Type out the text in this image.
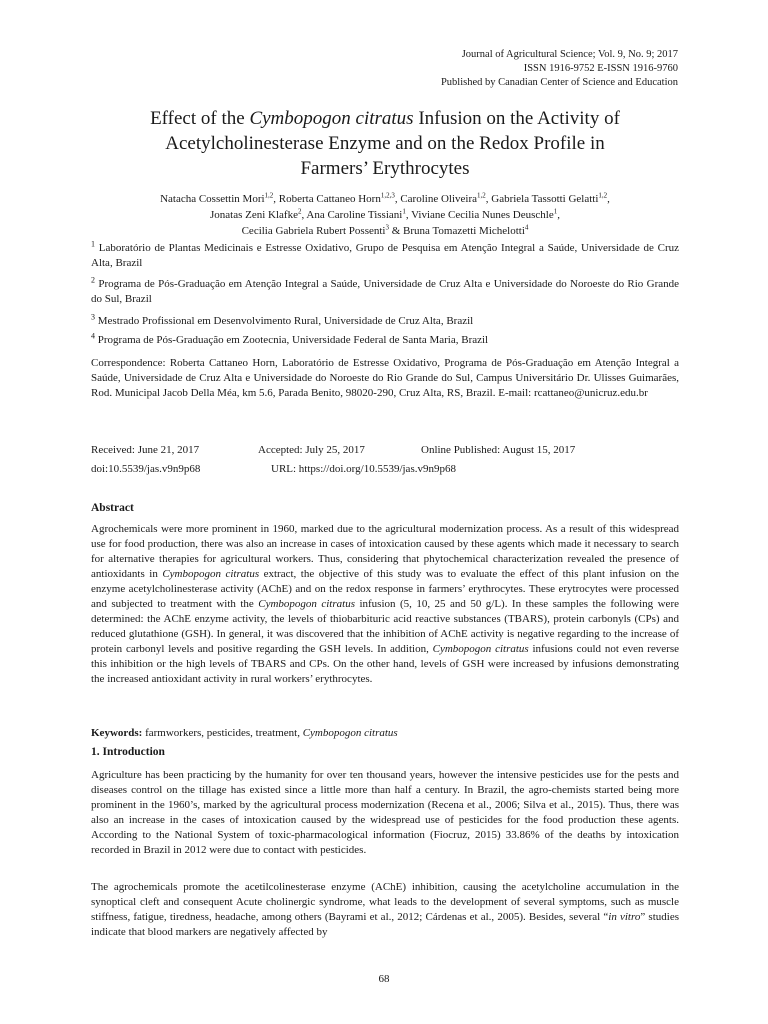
Journal of Agricultural Science; Vol. 9, No. 9; 2017
ISSN 1916-9752 E-ISSN 1916-9760
Published by Canadian Center of Science and Education
Effect of the Cymbopogon citratus Infusion on the Activity of
Acetylcholinesterase Enzyme and on the Redox Profile in
Farmers’ Erythrocytes
Natacha Cossettin Mori$^{1,2}$, Roberta Cattaneo Horn$^{1,2,3}$, Caroline Oliveira$^{1,2}$, Gabriela Tassotti Gelatti$^{1,2}$,
Jonatas Zeni Klafke$^2$, Ana Caroline Tissiani$^1$, Viviane Cecilia Nunes Deuschle$^1$,
Cecilia Gabriela Rubert Possenti$^3$ & Bruna Tomazetti Michelotti$^4$

$^1$ Laboratório de Plantas Medicinais e Estresse Oxidativo, Grupo de Pesquisa em Atenção Integral a Saúde, Universidade de Cruz Alta, Brazil

$^2$ Programa de Pós-Graduação em Atenção Integral a Saúde, Universidade de Cruz Alta e Universidade do Noroeste do Rio Grande do Sul, Brazil

$^3$ Mestrado Profissional em Desenvolvimento Rural, Universidade de Cruz Alta, Brazil

$^4$ Programa de Pós-Graduação em Zootecnia, Universidade Federal de Santa Maria, Brazil

Correspondence: Roberta Cattaneo Horn, Laboratório de Estresse Oxidativo, Programa de Pós-Graduação em Atenção Integral a Saúde, Universidade de Cruz Alta e Universidade do Noroeste do Rio Grande do Sul, Campus Universitário Dr. Ulisses Guimarães, Rod. Municipal Jacob Della Méa, km 5.6, Parada Benito, 98020-290, Cruz Alta, RS, Brazil. E-mail: rcattaneo@unicruz.edu.br

Received: June 21, 2017	Accepted: July 25, 2017	Online Published: August 15, 2017
doi:10.5539/jas.v9n9p68	URL: https://doi.org/10.5539/jas.v9n9p68
Abstract

Agrochemicals were more prominent in 1960, marked due to the agricultural modernization process. As a result of this widespread use for food production, there was also an increase in cases of intoxication caused by these agents which made it necessary to search for alternative therapies for agricultural workers. Thus, considering that phytochemical characterization revealed the presence of antioxidants in Cymbopogon citratus extract, the objective of this study was to evaluate the effect of this plant infusion on the enzyme acetylcholinesterase activity (AChE) and on the redox response in farmers’ erythrocytes. These erytrocytes were processed and subjected to treatment with the Cymbopogon citratus infusion (5, 10, 25 and 50 g/L). In these samples the following were determined: the AChE enzyme activity, the levels of thiobarbituric acid reactive substances (TBARS), protein carbonyls (CPs) and reduced glutathione (GSH). In general, it was discovered that the inhibition of AChE activity is negative regarding to the increase of protein carbonyl levels and positive regarding the GSH levels. In addition, Cymbopogon citratus infusions could not even reverse this inhibition or the high levels of TBARS and CPs. On the other hand, levels of GSH were increased by infusions demonstrating the increased antioxidant activity in rural workers’ erythrocytes.

Keywords: farmworkers, pesticides, treatment, Cymbopogon citratus

1. Introduction

Agriculture has been practicing by the humanity for over ten thousand years, however the intensive pesticides use for the pests and diseases control on the tillage has existed since a little more than half a century. In Brazil, the agro-chemists started being more prominent in the 1960’s, marked by the agricultural process modernization (Recena et al., 2006; Silva et al., 2015). Thus, there was also an increase in the cases of intoxication caused by the widespread use of pesticides for the food production these agents. According to the National System of toxic-pharmacological information (Fiocruz, 2015) 33.86% of the deaths by intoxication recorded in Brazil in 2012 were due to contact with pesticides.

The agrochemicals promote the acetilcolinesterase enzyme (AChE) inhibition, causing the acetylcholine accumulation in the synoptical cleft and consequent Acute cholinergic syndrome, what leads to the development of several symptoms, such as muscle stiffness, fatigue, tiredness, headache, among others (Bayrami et al., 2012; Cárdenas et al., 2005). Besides, several “in vitro” studies indicate that blood markers are negatively affected by

68
